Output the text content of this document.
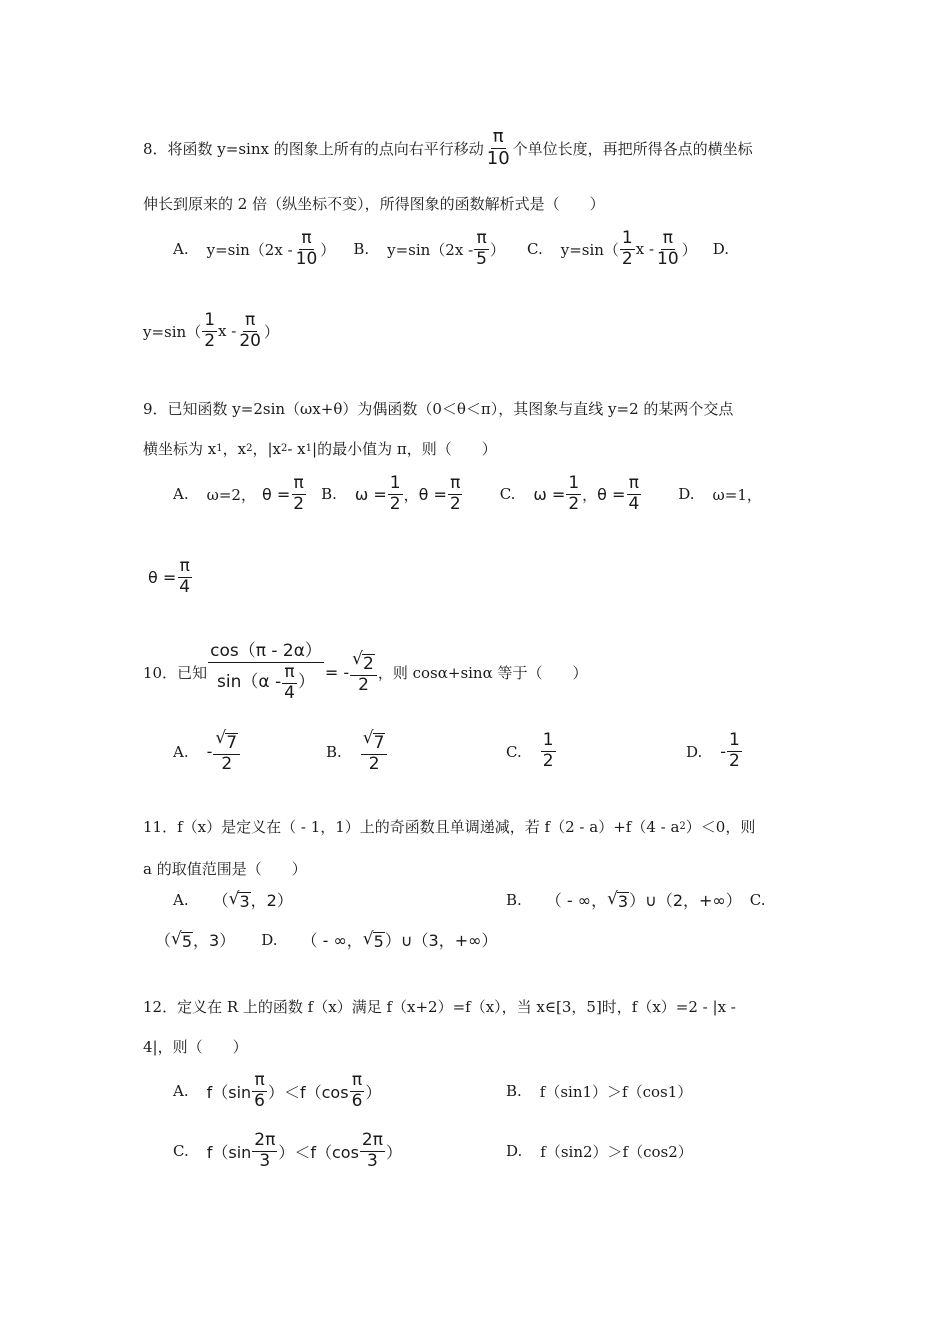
8．将函数 y=sinx 的图象上所有的点向右平行移动 $\frac{\pi}{10}$ 个单位长度，再把所得各点的横坐标
伸长到原来的 2 倍（纵坐标不变），所得图象的函数解析式是（　　）
A. $y=\sin(2x - \frac{\pi}{10}$ ） B. $y=\sin(2x - \frac{\pi}{5}$ ） C. $y=\sin( \frac{1}{2}$ x - $\frac{\pi}{10}$ ） D.
$y=\sin( \frac{1}{2}$ x - $\frac{\pi}{20}$ ）
9．已知函数 y=2sin（ωx+θ）为偶函数（0＜θ＜π），其图象与直线 y=2 的某两个交点
横坐标为 x 1 ，x 2 ，|x 2 - x 1 |的最小值为 π，则（　　）
A. ω=2， $\theta = \frac{\pi}{2} B$. $\omega = \frac{1}{2}$ ， $\theta = \frac{\pi}{2} C$. $\omega = \frac{1}{2}$ ， $\theta = \frac{\pi}{4} D$. ω=1，
$\theta = \frac{\pi}{4}$
10．已知 $\frac{\cos(\pi - 2\alpha)}{\sin(\alpha - \frac{\pi}{4} )}$ = - $\frac{√ 2}{2}$ ，则 cosα+sinα 等于（　　）
A. - $\frac{√ 7}{2}$	B. $\frac{√ 7}{2}$	C. $\frac{1}{2}$	D. - $\frac{1}{2}$
11．f（x）是定义在（ - 1，1）上的奇函数且单调递减，若 f（2 - a）+f（4 - a 2 ）＜0，则
a 的取值范围是（　　）
A. （ √ 3 ，2）	B. （ - ∞， √ 3 ）∪（2，+∞） C.
（ √ 5 ，3） D. （ - ∞， √ 5 ）∪（3，+∞）
12．定义在 R 上的函数 f（x）满足 f（x+2）=f（x），当 x∈[3，5]时，f（x）=2 - |x -
4|，则（　　）
A. $f(\sin \frac{\pi}{6} )<f(\cos \frac{\pi}{6}$ ）	B. f（sin1）＞f（cos1）
C. $f(\sin \frac{2\pi}{3} )<f(\cos \frac{2\pi}{3}$ ）	D. f（sin2）＞f（cos2）
